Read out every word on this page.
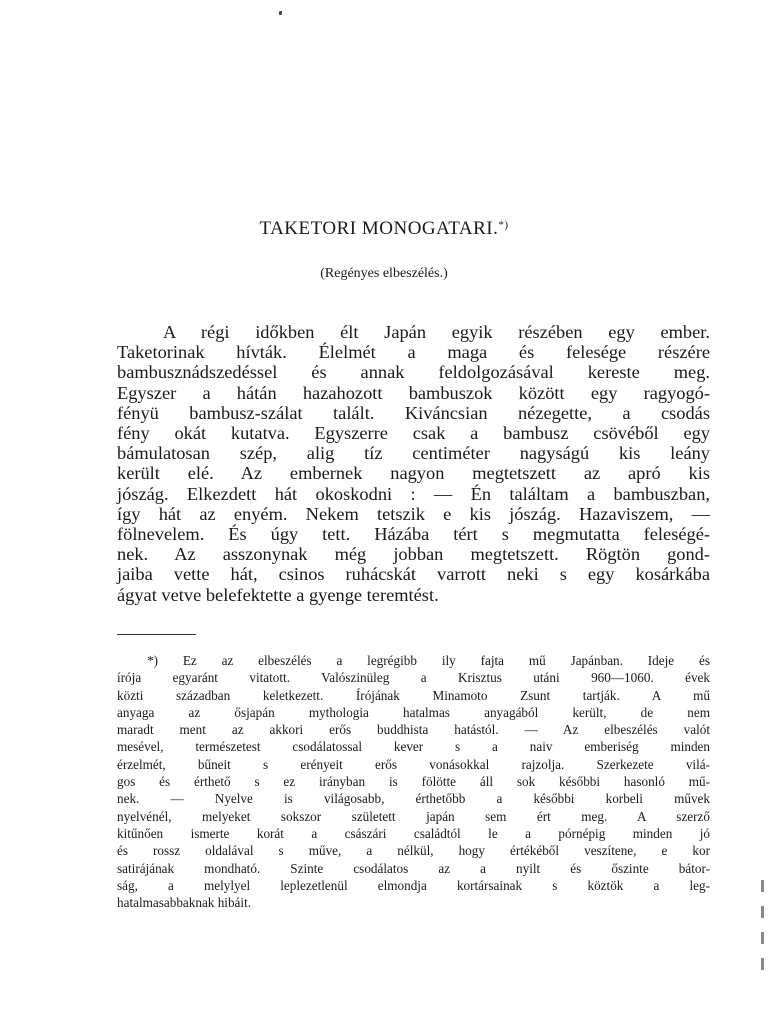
TAKETORI MONOGATARI.*)
(Regényes elbeszélés.)
A régi időkben élt Japán egyik részében egy ember.
Taketorinak hívták. Élelmét a maga és felesége részére
bambusznádszedéssel és annak feldolgozásával kereste meg.
Egyszer a hátán hazahozott bambuszok között egy ragyogó-
fényü bambusz-szálat talált. Kiváncsian nézegette, a csodás
fény okát kutatva. Egyszerre csak a bambusz csövéből egy
bámulatosan szép, alig tíz centiméter nagyságú kis leány
került elé. Az embernek nagyon megtetszett az apró kis
jószág. Elkezdett hát okoskodni : — Én találtam a bambuszban,
így hát az enyém. Nekem tetszik e kis jószág. Hazaviszem, —
fölnevelem. És úgy tett. Házába tért s megmutatta feleségé-
nek. Az asszonynak még jobban megtetszett. Rögtön gond-
jaiba vette hát, csinos ruhácskát varrott neki s egy kosárkába
ágyat vetve belefektette a gyenge teremtést.
*) Ez az elbeszélés a legrégibb ily fajta mű Japánban. Ideje és
írója egyaránt vitatott. Valószinüleg a Krisztus utáni 960—1060. évek
közti században keletkezett. Írójának Minamoto Zsunt tartják. A mű
anyaga az ősjapán mythologia hatalmas anyagából került, de nem
maradt ment az akkori erős buddhista hatástól. — Az elbeszélés valót
mesével, természetest csodálatossal kever s a naiv emberiség minden
érzelmét, bűneit s erényeit erős vonásokkal rajzolja. Szerkezete vilá-
gos és érthető s ez irányban is fölötte áll sok későbbi hasonló mű-
nek. — Nyelve is világosabb, érthetőbb a későbbi korbeli művek
nyelvénél, melyeket sokszor született japán sem ért meg. A szerző
kitűnően ismerte korát a császári családtól le a pórnépig minden jó
és rossz oldalával s műve, a nélkül, hogy értékéből veszítene, e kor
satirájának mondható. Szinte csodálatos az a nyilt és őszinte bátor-
ság, a melylyel leplezetlenül elmondja kortársainak s köztök a leg-
hatalmasabbaknak hibáit.
